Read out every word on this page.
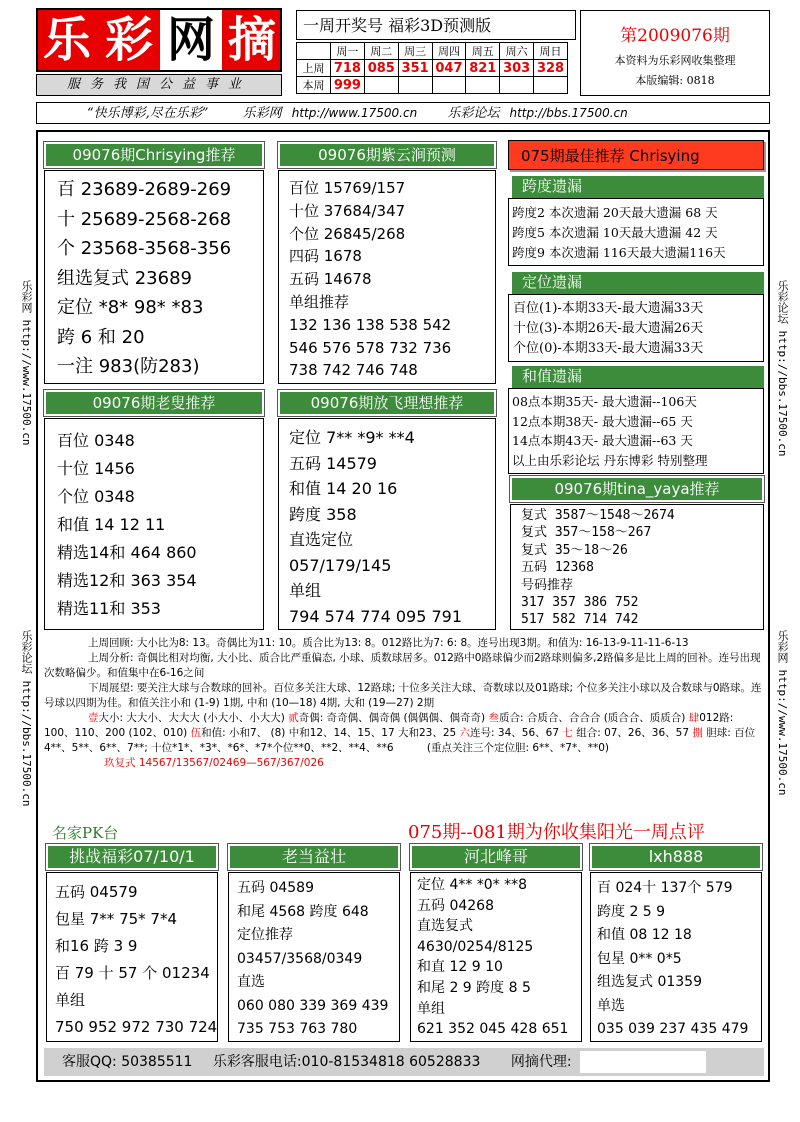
乐 彩 网 摘
服务我国公益事业
一周开奖号 福彩3D预测版
	周一	周二	周三	周四	周五	周六	周日
上周	718	085	351	047	821	303	328
本周	999						
第2009076期
本资料为乐彩网收集整理
本版编辑: 0818
“快乐博彩,尽在乐彩”	乐彩网 http://www.17500.cn 乐彩论坛 http://bbs.17500.cn
乐彩网 http://www.17500.cn
乐彩论坛 http://bbs.17500.cn
乐彩论坛 http://bbs.17500.cn
乐彩网 http://www.17500.cn
09076期Chrisying推荐
百 23689-2689-269
十 25689-2568-268
个 23568-3568-356
组选复式 23689
定位 *8* 98* *83
跨 6 和 20
一注 983(防283)
09076期紫云涧预测
百位 15769/157
十位 37684/347
个位 26845/268
四码 1678
五码 14678
单组推荐
132 136 138 538 542
546 576 578 732 736
738 742 746 748
075期最佳推荐 Chrisying
跨度遗漏
跨度2 本次遗漏 20天最大遗漏 68 天
跨度5 本次遗漏 10天最大遗漏 42 天
跨度9 本次遗漏 116天最大遗漏116天
定位遗漏
百位(1)-本期33天-最大遗漏33天
十位(3)-本期26天-最大遗漏26天
个位(0)-本期33天-最大遗漏33天
和值遗漏
08点本期35天- 最大遗漏--106天
12点本期38天- 最大遗漏--65 天
14点本期43天- 最大遗漏--63 天
以上由乐彩论坛 丹东博彩 特别整理
09076期老叟推荐
百位 0348
十位 1456
个位 0348
和值 14 12 11
精选14和 464 860
精选12和 363 354
精选11和 353
09076期放飞理想推荐
定位 7** *9* **4
五码 14579
和值 14 20 16
跨度 358
直选定位
057/179/145
单组
794 574 774 095 791
09076期tina_yaya推荐
复式 3587～1548～2674
复式 357～158～267
复式 35～18～26
五码 12368
号码推荐
317 357 386 752
517 582 714 742
上周回顾: 大小比为8: 13。奇偶比为11: 10。质合比为13: 8。012路比为7: 6: 8。连号出现3期。和值为: 16-13-9-11-11-6-13
上周分析: 奇偶比相对均衡, 大小比、质合比严重偏态, 小球、质数球居多。012路中0路球偏少而2路球则偏多,2路偏多是比上周的回补。连号出现次数略偏少。和值集中在6-16之间
下周展望: 要关注大球与合数球的回补。百位多关注大球、12路球; 十位多关注大球、奇数球以及01路球; 个位多关注小球以及合数球与0路球。连号球以四期为佳。和值关注小和 (1-9) 1期, 中和 (10—18) 4期, 大和 (19—27) 2期
壹大小: 大大小、大大大 (小大小、小大大) 贰奇偶: 奇奇偶、偶奇偶 (偶偶偶、偶奇奇) 叁质合: 合质合、合合合 (质合合、质质合) 肆012路: 100、110、200 (102、010) 伍和值: 小和7、 (8) 中和12、14、15、17 大和23、25 六连号: 34、56、67 七 组合: 07、26、36、57 捌 胆球: 百位4**、5**、6**、7**; 十位*1*、*3*、*6*、*7*个位**0、**2、**4、**6	(重点关注三个定位胆: 6**、*7*、**0)
玖复式 14567/13567/02469—567/367/026
名家PK台	075期--081期为你收集阳光一周点评
挑战福彩07/10/1
五码 04579
包星 7** 75* 7*4
和16 跨 3 9
百 79 十 57 个 01234
单组
750 952 972 730 724
老当益壮
五码 04589
和尾 4568 跨度 648
定位推荐
03457/3568/0349
直选
060 080 339 369 439
735 753 763 780
河北峰哥
定位 4** *0* **8
五码 04268
直选复式
4630/0254/8125
和直 12 9 10
和尾 2 9 跨度 8 5
单组
621 352 045 428 651
lxh888
百 024十 137个 579
跨度 2 5 9
和值 08 12 18
包星 0** 0*5
组选复式 01359
单选
035 039 237 435 479
客服QQ: 50385511 乐彩客服电话:010-81534818 60528833 网摘代理:
